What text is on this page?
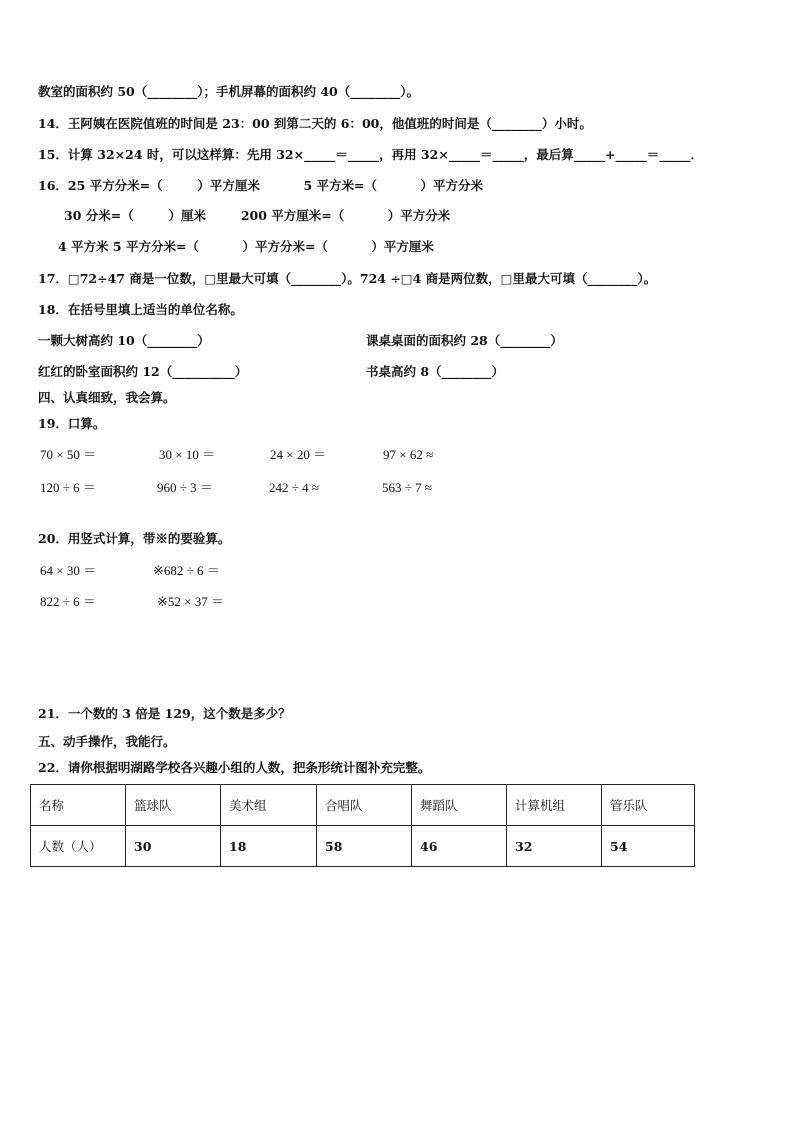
教室的面积约 50（________）；手机屏幕的面积约 40（________）。
14．王阿姨在医院值班的时间是 23：00 到第二天的 6：00，他值班的时间是（________）小时。
15．计算 32×24 时，可以这样算：先用 32×_____＝_____，再用 32×_____＝_____，最后算_____+_____＝_____．
16．25 平方分米=（        ）平方厘米          5 平方米=（          ）平方分米
30 分米=（        ）厘米        200 平方厘米=（          ）平方分米
4 平方米 5 平方分米=（          ）平方分米=（          ）平方厘米
17．□72÷47 商是一位数，□里最大可填（________）。724 ÷□4 商是两位数，□里最大可填（________）。
18．在括号里填上适当的单位名称。
一颗大树高约 10（________）	课桌桌面的面积约 28（________）
红红的卧室面积约 12（__________）	书桌高约 8（________）
四、认真细致，我会算。
19．口算。
70 × 50 ＝	30 × 10 ＝	24 × 20 ＝	97 × 62 ≈
120 ÷ 6 ＝	960 ÷ 3 ＝	242 ÷ 4 ≈	563 ÷ 7 ≈
20．用竖式计算，带※的要验算。
64 × 30 ＝	※682 ÷ 6 ＝
822 ÷ 6 ＝	※52 × 37 ＝
21．一个数的 3 倍是 129，这个数是多少？
五、动手操作，我能行。
22．请你根据明湖路学校各兴趣小组的人数，把条形统计图补充完整。
名称	篮球队	美术组	合唱队	舞蹈队	计算机组	管乐队
人数（人）	30	18	58	46	32	54
